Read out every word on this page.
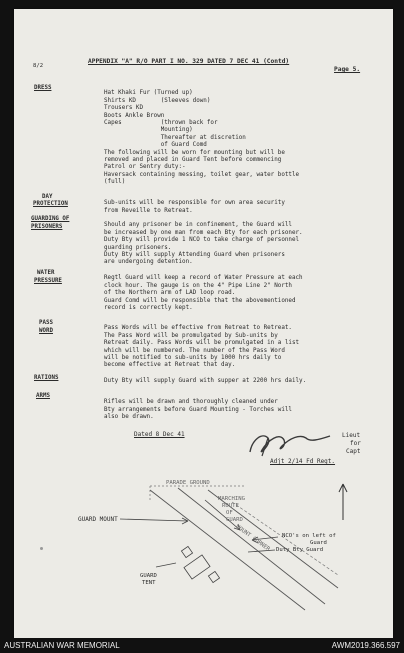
8/2
APPENDIX "A" R/O PART I NO. 329 DATED 7 DEC 41 (Contd)
Page 5.
DRESS

Hat Khaki Fur (Turned up)
Shirts KD       (Sleeves down)
Trousers KD
Boots Ankle Brown
Capes           (thrown back for
Mounting)
Thereafter at discretion
of Guard Comd
The following will be worn for mounting but will be
removed and placed in Guard Tent before commencing
Patrol or Sentry duty:-
Haversack containing messing, toilet gear, water bottle
(full)

DAY
PROTECTION	Sub-units will be responsible for own area security
from Reveille to Retreat.

GUARDING OF
PRISONERS	Should any prisoner be in confinement, the Guard will
be increased by one man from each Bty for each prisoner.
Duty Bty will provide 1 NCO to take charge of personnel
guarding prisoners.
Duty Bty will supply Attending Guard when prisoners
are undergoing detention.

WATER
PRESSURE	Regtl Guard will keep a record of Water Pressure at each
clock hour. The gauge is on the 4" Pipe Line 2" North
of the Northern arm of LAD loop road.
Guard Comd will be responsible that the abovementioned
record is correctly kept.

PASS
WORD	Pass Words will be effective from Retreat to Retreat.
The Pass Word will be promulgated by Sub-units by
Retreat daily. Pass Words will be promulgated in a list
which will be numbered. The number of the Pass Word
will be notified to sub-units by 1000 hrs daily to
become effective at Retreat that day.

RATIONS

Duty Bty will supply Guard with supper at 2200 hrs daily.

ARMS

Rifles will be drawn and thoroughly cleaned under
Bty arrangements before Guard Mounting - Torches will
also be drawn.

Dated 8 Dec 41	Lieut
for
Capt
Adjt 2/14 Fd Regt.
PARADE GROUND
MARCHING
ROUTE
OF
GUARD
MOUNT CORNER
GUARD MOUNT
NCO's on left of
Guard
Duty Bty Guard
GUARD
TENT
AUSTRALIAN WAR MEMORIAL	AWM2019.366.597
